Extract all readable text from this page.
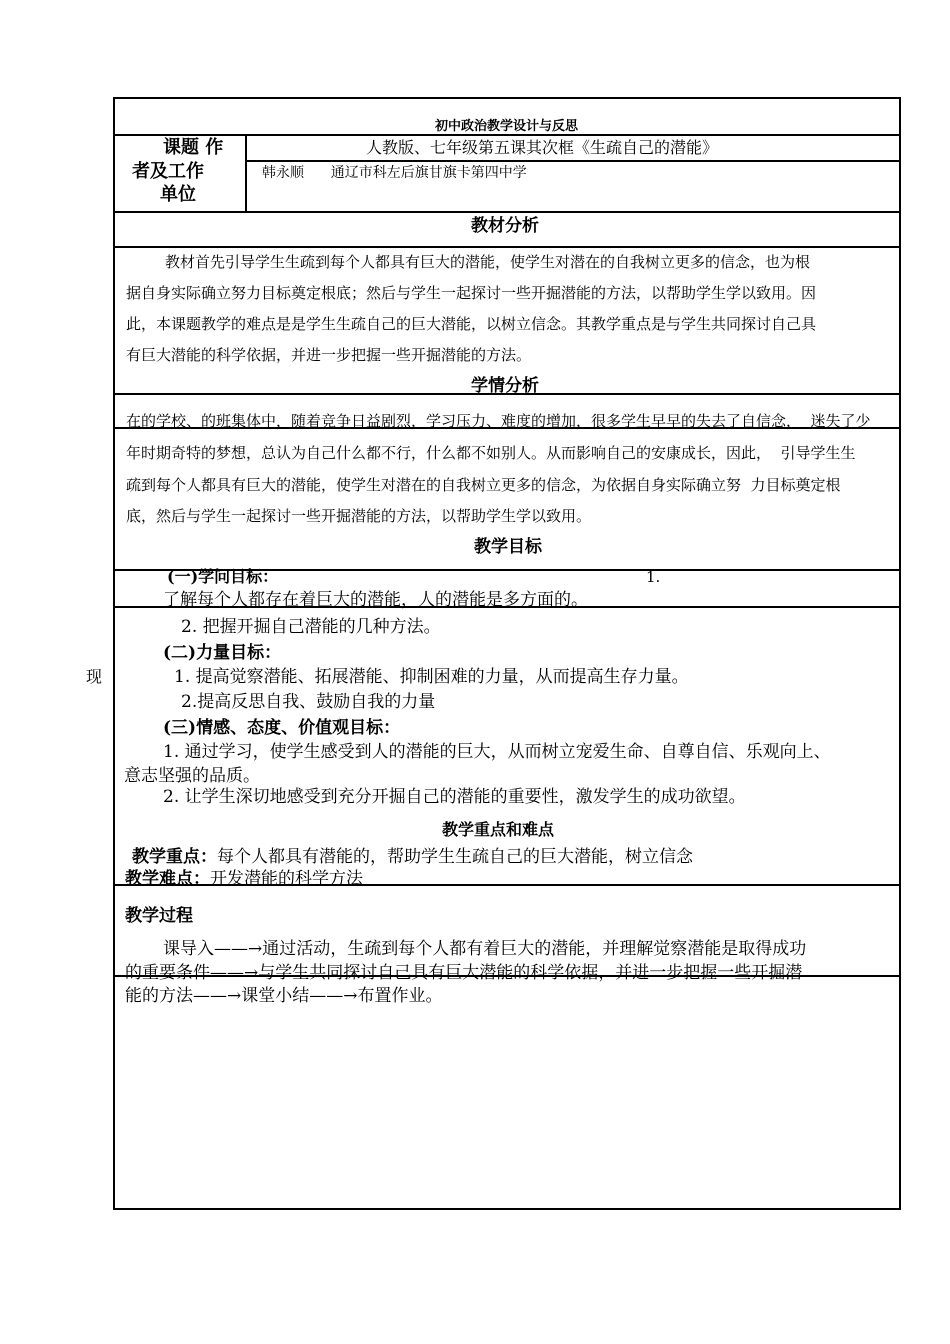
现
初中政治教学设计与反思
课题 作
者及工作
单位
人教版、七年级第五课其次框《生疏自己的潜能》
韩永顺      通辽市科左后旗甘旗卡第四中学
教材分析
教材首先引导学生生疏到每个人都具有巨大的潜能，使学生对潜在的自我树立更多的信念，也为根
据自身实际确立努力目标奠定根底；然后与学生一起探讨一些开掘潜能的方法，以帮助学生学以致用。因
此，本课题教学的难点是是学生生疏自己的巨大潜能，以树立信念。其教学重点是与学生共同探讨自己具
有巨大潜能的科学依据，并进一步把握一些开掘潜能的方法。
学情分析
在的学校、的班集体中，随着竞争日益剧烈，学习压力、难度的增加，很多学生早早的失去了自信念，  迷失了少
年时期奇特的梦想，总认为自己什么都不行，什么都不如别人。从而影响自己的安康成长，因此，  引导学生生
疏到每个人都具有巨大的潜能，使学生对潜在的自我树立更多的信念，为依据自身实际确立努  力目标奠定根
底，然后与学生一起探讨一些开掘潜能的方法，以帮助学生学以致用。
教学目标
(一)学问目标：	1.
了解每个人都存在着巨大的潜能，人的潜能是多方面的。
2. 把握开掘自己潜能的几种方法。
(二)力量目标：
1. 提高觉察潜能、拓展潜能、抑制困难的力量，从而提高生存力量。
2.提高反思自我、鼓励自我的力量
(三)情感、态度、价值观目标：
1. 通过学习，使学生感受到人的潜能的巨大，从而树立宠爱生命、自尊自信、乐观向上、
意志坚强的品质。
2. 让学生深切地感受到充分开掘自己的潜能的重要性，激发学生的成功欲望。
教学重点和难点
教学重点：每个人都具有潜能的，帮助学生生疏自己的巨大潜能，树立信念
教学难点：开发潜能的科学方法
教学过程
课导入——→通过活动，生疏到每个人都有着巨大的潜能，并理解觉察潜能是取得成功
的重要条件——→与学生共同探讨自己具有巨大潜能的科学依据，并进一步把握一些开掘潜
能的方法——→课堂小结——→布置作业。
